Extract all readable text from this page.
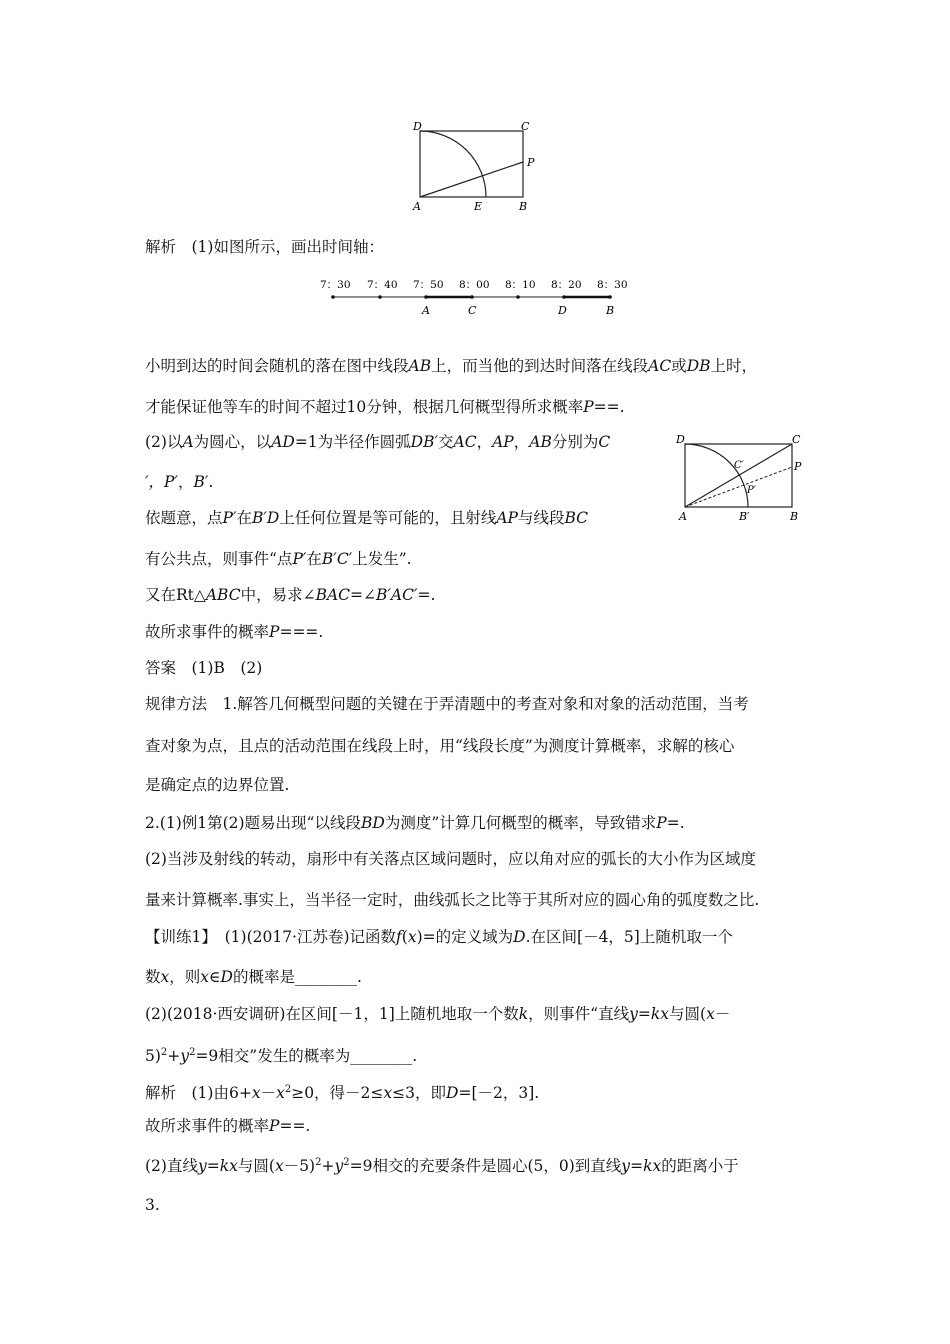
D	C
P
A	E	B
解析　(1)如图所示，画出时间轴：
7：30 7：40 7：50 8：00 8：10 8：20 8：30
A	C	D	B
小明到达的时间会随机的落在图中线段AB上，而当他的到达时间落在线段AC或DB上时，
才能保证他等车的时间不超过10分钟，根据几何概型得所求概率P==.
(2)以A为圆心，以AD=1为半径作圆弧DB′交AC，AP，AB分别为C
′，P′，B′.
依题意，点P′在B′D上任何位置是等可能的，且射线AP与线段BC
D	C
C′	P
P′
A	B′	B
有公共点，则事件“点P′在B′C′上发生”.
又在Rt△ABC中，易求∠BAC=∠B′AC′=.
故所求事件的概率P===.
答案　(1)B　(2)
规律方法　1.解答几何概型问题的关键在于弄清题中的考查对象和对象的活动范围，当考
查对象为点，且点的活动范围在线段上时，用“线段长度”为测度计算概率，求解的核心
是确定点的边界位置.
2.(1)例1第(2)题易出现“以线段BD为测度”计算几何概型的概率，导致错求P=.
(2)当涉及射线的转动，扇形中有关落点区域问题时，应以角对应的弧长的大小作为区域度
量来计算概率.事实上，当半径一定时，曲线弧长之比等于其所对应的圆心角的弧度数之比.
【训练1】　(1)(2017·江苏卷)记函数f(x)=的定义域为D.在区间[－4，5]上随机取一个
数x，则x∈D的概率是________.
(2)(2018·西安调研)在区间[－1，1]上随机地取一个数k，则事件“直线y=kx与圆(x－
$5)^2+y^2=9$相交”发生的概率为________.
解析　(1)由$6+x-x^2\ge 0$，得－2≤x≤3，即D=[－2，3].
故所求事件的概率P==.
(2)直线y=kx与圆$(x-5)^2+y^2=9$相交的充要条件是圆心(5，0)到直线y=kx的距离小于
3.
